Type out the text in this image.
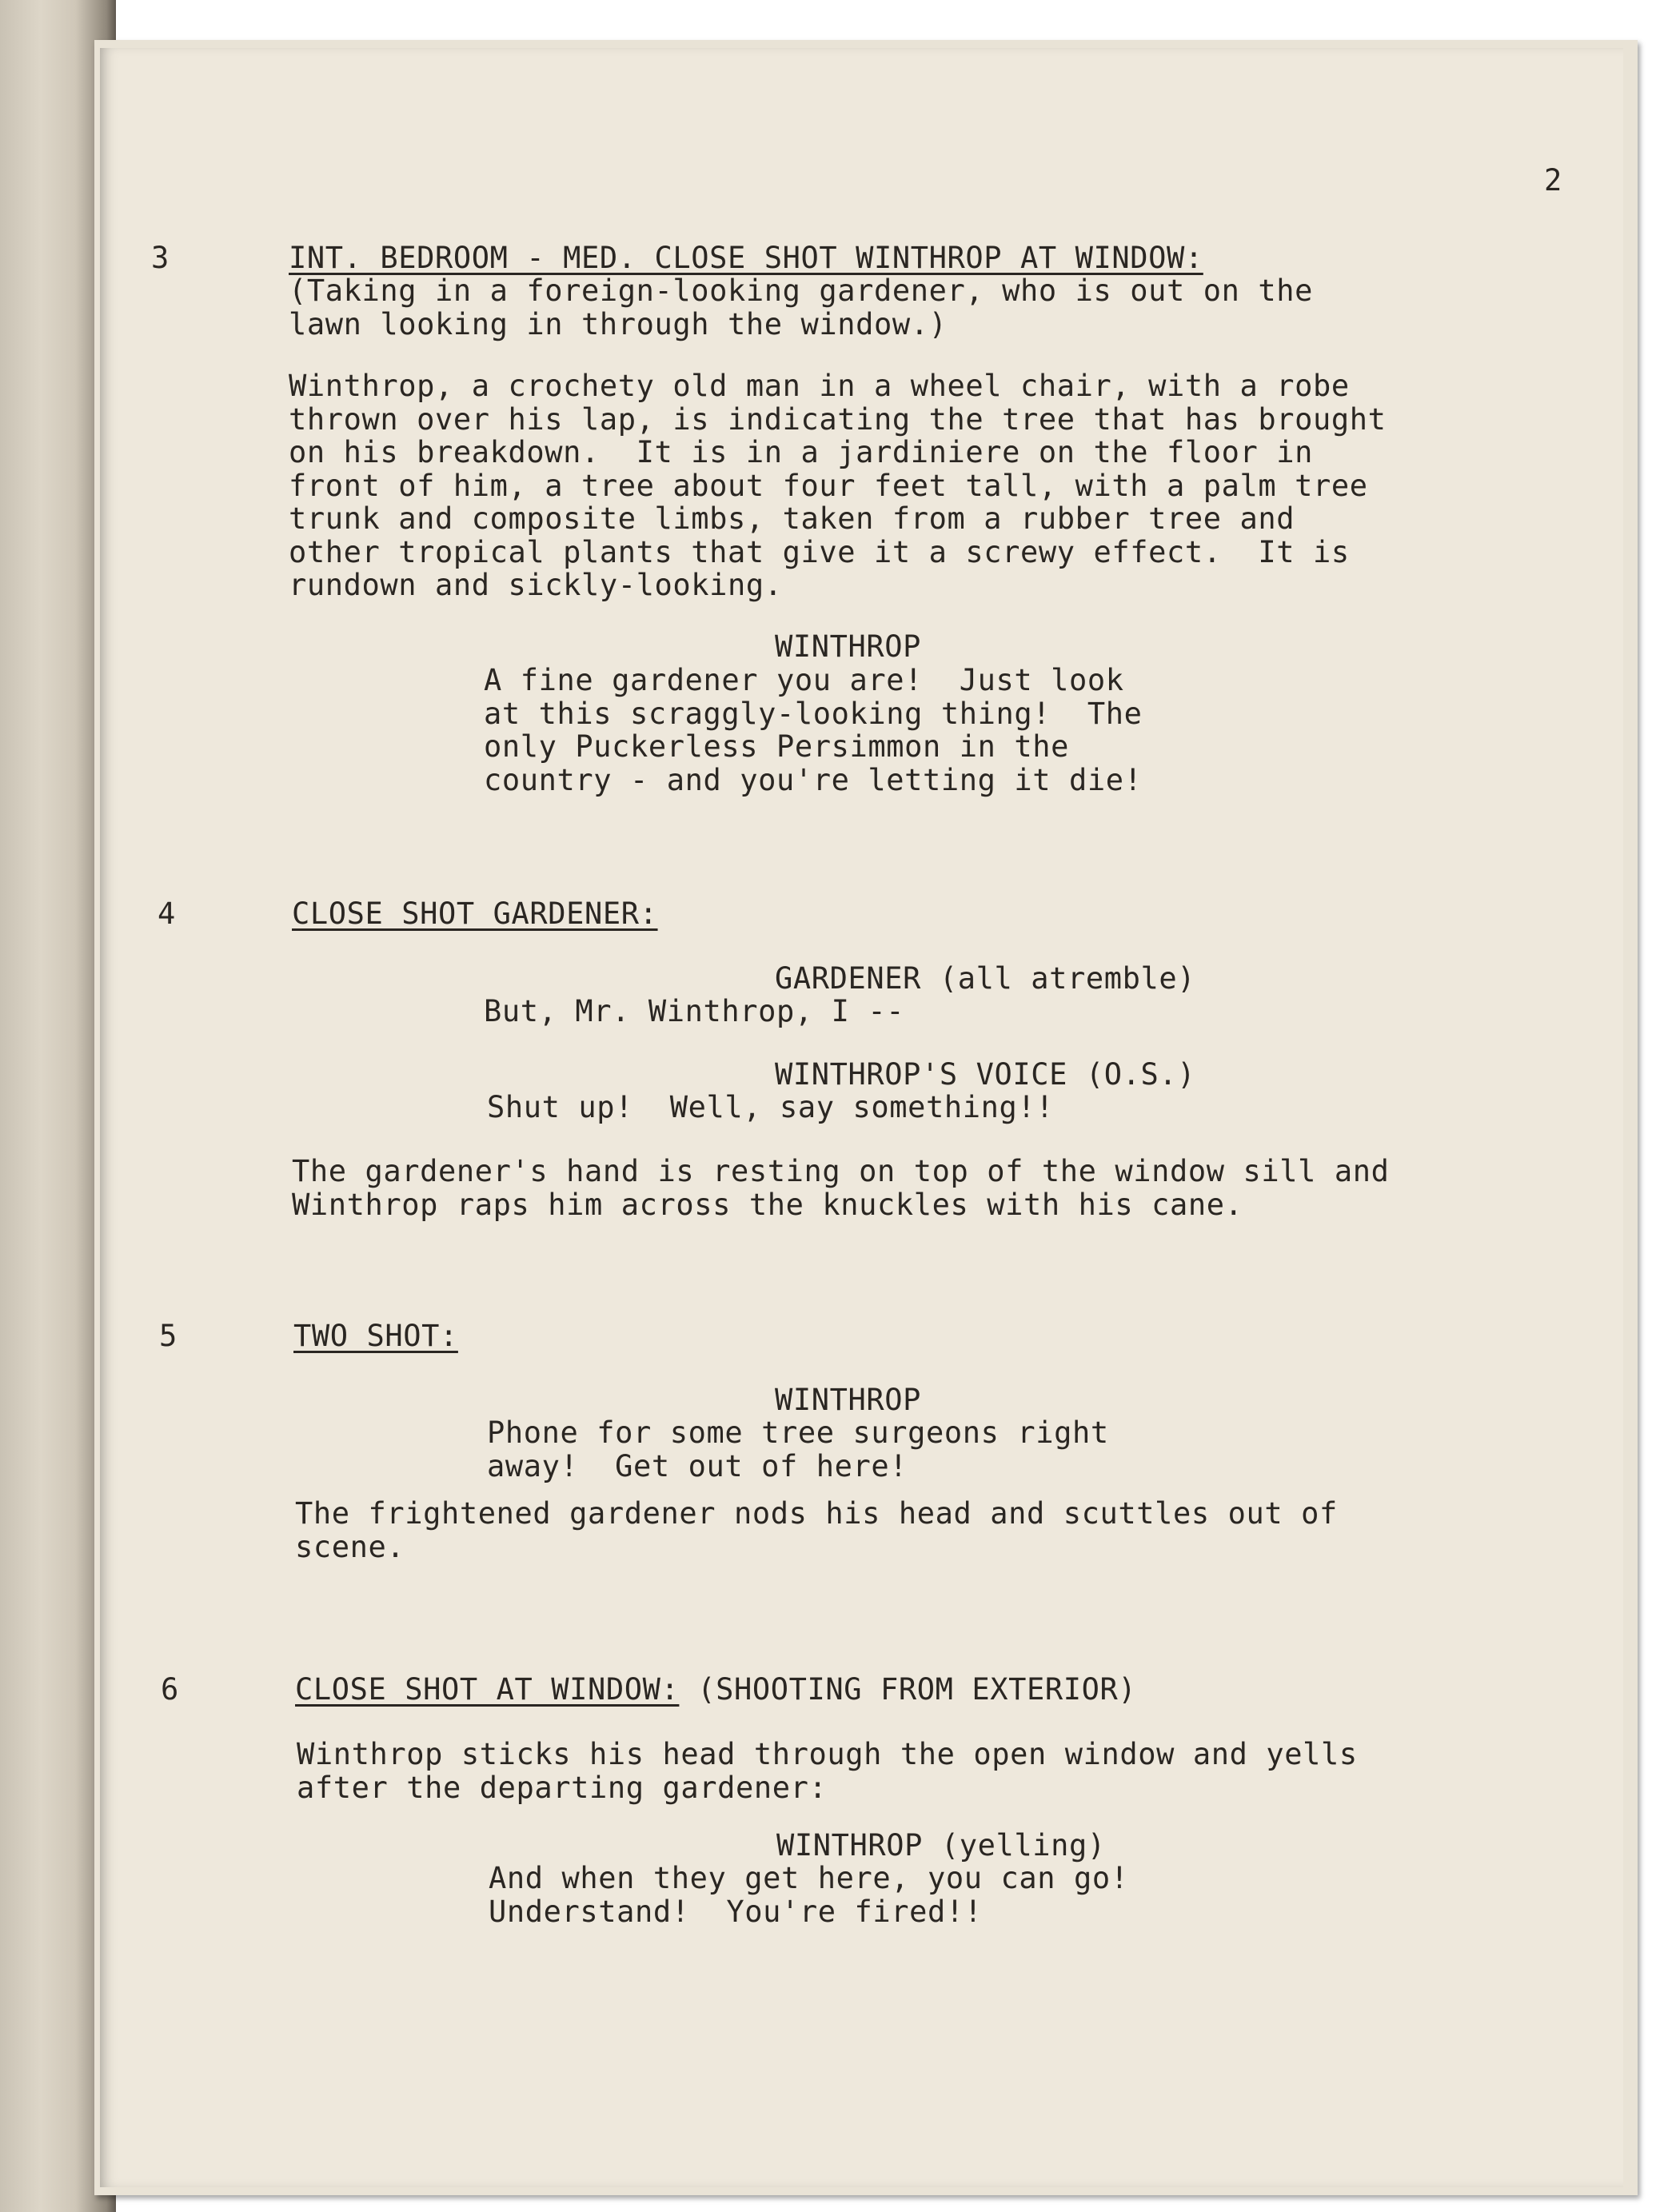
2

3	INT. BEDROOM - MED. CLOSE SHOT WINTHROP AT WINDOW:

(Taking in a foreign-looking gardener, who is out on the
lawn looking in through the window.)

Winthrop, a crochety old man in a wheel chair, with a robe
thrown over his lap, is indicating the tree that has brought
on his breakdown.  It is in a jardiniere on the floor in
front of him, a tree about four feet tall, with a palm tree
trunk and composite limbs, taken from a rubber tree and
other tropical plants that give it a screwy effect.  It is
rundown and sickly-looking.

WINTHROP

A fine gardener you are!  Just look
at this scraggly-looking thing!  The
only Puckerless Persimmon in the
country - and you're letting it die!

4	CLOSE SHOT GARDENER:

GARDENER (all atremble)

But, Mr. Winthrop, I --

WINTHROP'S VOICE (O.S.)

Shut up!  Well, say something!!

The gardener's hand is resting on top of the window sill and
Winthrop raps him across the knuckles with his cane.

5	TWO SHOT:

WINTHROP

Phone for some tree surgeons right
away!  Get out of here!

The frightened gardener nods his head and scuttles out of
scene.

6	CLOSE SHOT AT WINDOW: (SHOOTING FROM EXTERIOR)

Winthrop sticks his head through the open window and yells
after the departing gardener:

WINTHROP (yelling)

And when they get here, you can go!
Understand!  You're fired!!
